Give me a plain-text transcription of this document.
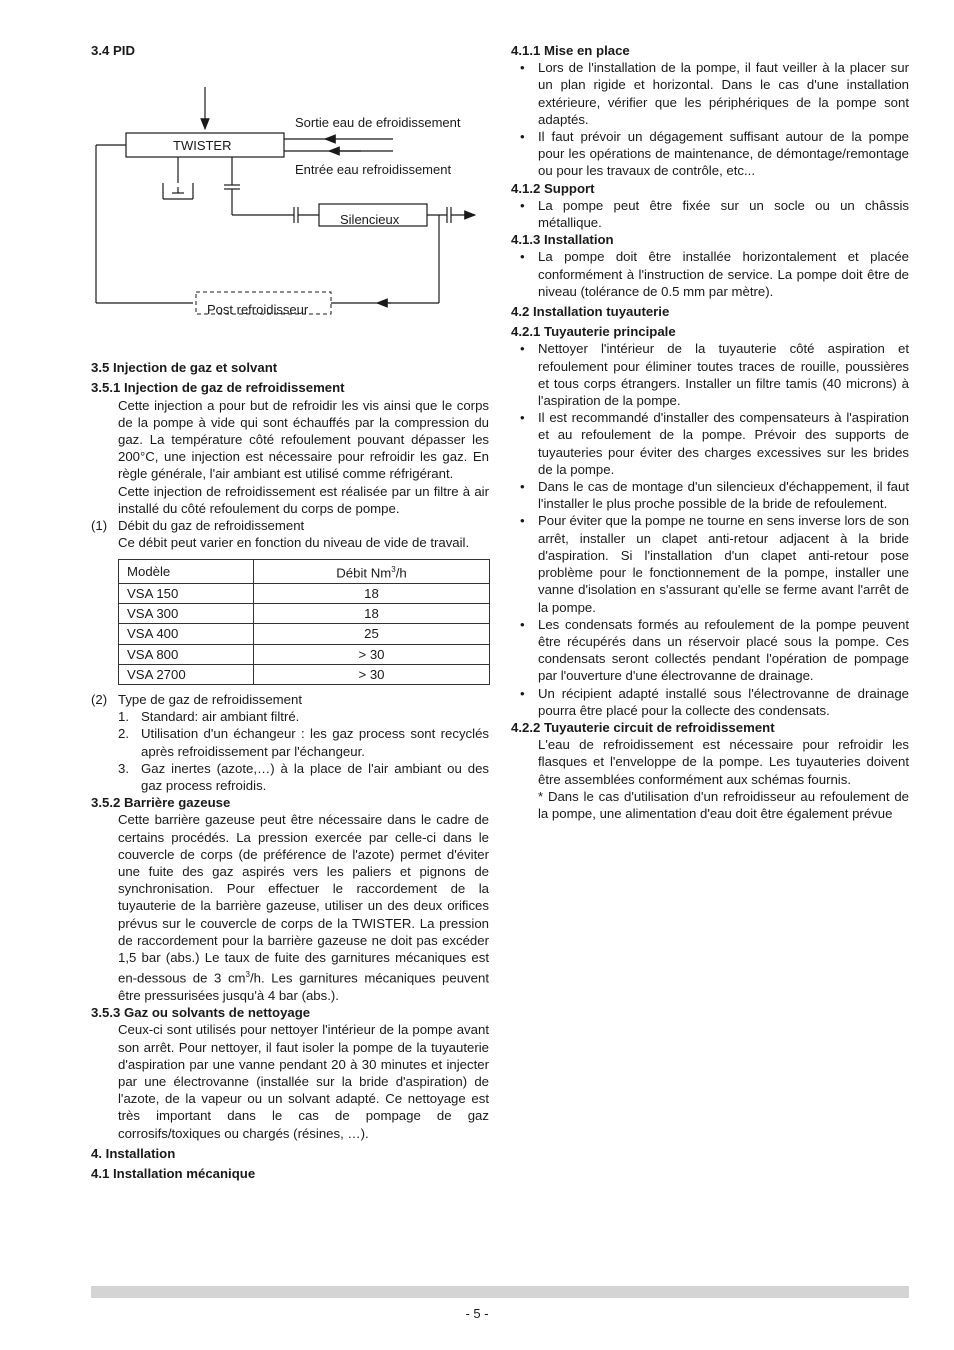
3.4 PID
TWISTER
Sortie eau de efroidissement
Entrée eau refroidissement
Silencieux
Post refroidisseur
3.5 Injection de gaz et solvant
3.5.1 Injection de gaz de refroidissement

Cette injection a pour but de refroidir les vis ainsi que le corps de la pompe à vide qui sont échauffés par la compression du gaz. La température côté refoulement pouvant dépasser les 200°C, une injection est nécessaire pour refroidir les gaz. En règle générale, l'air ambiant est utilisé comme réfrigérant.

Cette injection de refroidissement est réalisée par un filtre à air installé du côté refoulement du corps de pompe.

(1) Débit du gaz de refroidissement

Ce débit peut varier en fonction du niveau de vide de travail.

Modèle	Débit Nm$^3$/h
VSA 150	18
VSA 300	18
VSA 400	25
VSA 800	> 30
VSA 2700	> 30
(2) Type de gaz de refroidissement
1. Standard: air ambiant filtré.
2. Utilisation d'un échangeur : les gaz process sont recyclés après refroidissement par l'échangeur.
3. Gaz inertes (azote,…) à la place de l'air ambiant ou des gaz process refroidis.
3.5.2 Barrière gazeuse

Cette barrière gazeuse peut être nécessaire dans le cadre de certains procédés. La pression exercée par celle-ci dans le couvercle de corps (de préférence de l'azote) permet d'éviter une fuite des gaz aspirés vers les paliers et pignons de synchronisation. Pour effectuer le raccordement de la tuyauterie de la barrière gazeuse, utiliser un des deux orifices prévus sur le couvercle de corps de la TWISTER. La pression de raccordement pour la barrière gazeuse ne doit pas excéder 1,5 bar (abs.) Le taux de fuite des garnitures mécaniques est en-dessous de 3 $cm^3/h$. Les garnitures mécaniques peuvent être pressurisées jusqu'à 4 bar (abs.).

3.5.3 Gaz ou solvants de nettoyage

Ceux-ci sont utilisés pour nettoyer l'intérieur de la pompe avant son arrêt. Pour nettoyer, il faut isoler la pompe de la tuyauterie d'aspiration par une vanne pendant 20 à 30 minutes et injecter par une électrovanne (installée sur la bride d'aspiration) de l'azote, de la vapeur ou un solvant adapté. Ce nettoyage est très important dans le cas de pompage de gaz corrosifs/toxiques ou chargés (résines, …).

4. Installation
4.1 Installation mécanique
4.1.1 Mise en place
• Lors de l'installation de la pompe, il faut veiller à la placer sur un plan rigide et horizontal. Dans le cas d'une installation extérieure, vérifier que les périphériques de la pompe sont adaptés.
• Il faut prévoir un dégagement suffisant autour de la pompe pour les opérations de maintenance, de démontage/remontage ou pour les travaux de contrôle, etc...
4.1.2 Support
• La pompe peut être fixée sur un socle ou un châssis métallique.
4.1.3 Installation
• La pompe doit être installée horizontalement et placée conformément à l'instruction de service. La pompe doit être de niveau (tolérance de 0.5 mm par mètre).
4.2 Installation tuyauterie
4.2.1 Tuyauterie principale
• Nettoyer l'intérieur de la tuyauterie côté aspiration et refoulement pour éliminer toutes traces de rouille, poussières et tous corps étrangers. Installer un filtre tamis (40 microns) à l'aspiration de la pompe.
• Il est recommandé d'installer des compensateurs à l'aspiration et au refoulement de la pompe. Prévoir des supports de tuyauteries pour éviter des charges excessives sur les brides de la pompe.
• Dans le cas de montage d'un silencieux d'échappement, il faut l'installer le plus proche possible de la bride de refoulement.
• Pour éviter que la pompe ne tourne en sens inverse lors de son arrêt, installer un clapet anti-retour adjacent à la bride d'aspiration. Si l'installation d'un clapet anti-retour pose problème pour le fonctionnement de la pompe, installer une vanne d'isolation en s'assurant qu'elle se ferme avant l'arrêt de la pompe.
• Les condensats formés au refoulement de la pompe peuvent être récupérés dans un réservoir placé sous la pompe. Ces condensats seront collectés pendant l'opération de pompage par l'ouverture d'une électrovanne de drainage.
• Un récipient adapté installé sous l'électrovanne de drainage pourra être placé pour la collecte des condensats.
4.2.2 Tuyauterie circuit de refroidissement

L'eau de refroidissement est nécessaire pour refroidir les flasques et l'enveloppe de la pompe. Les tuyauteries doivent être assemblées conformément aux schémas fournis.

* Dans le cas d'utilisation d'un refroidisseur au refoulement de la pompe, une alimentation d'eau doit être également prévue

- 5 -
